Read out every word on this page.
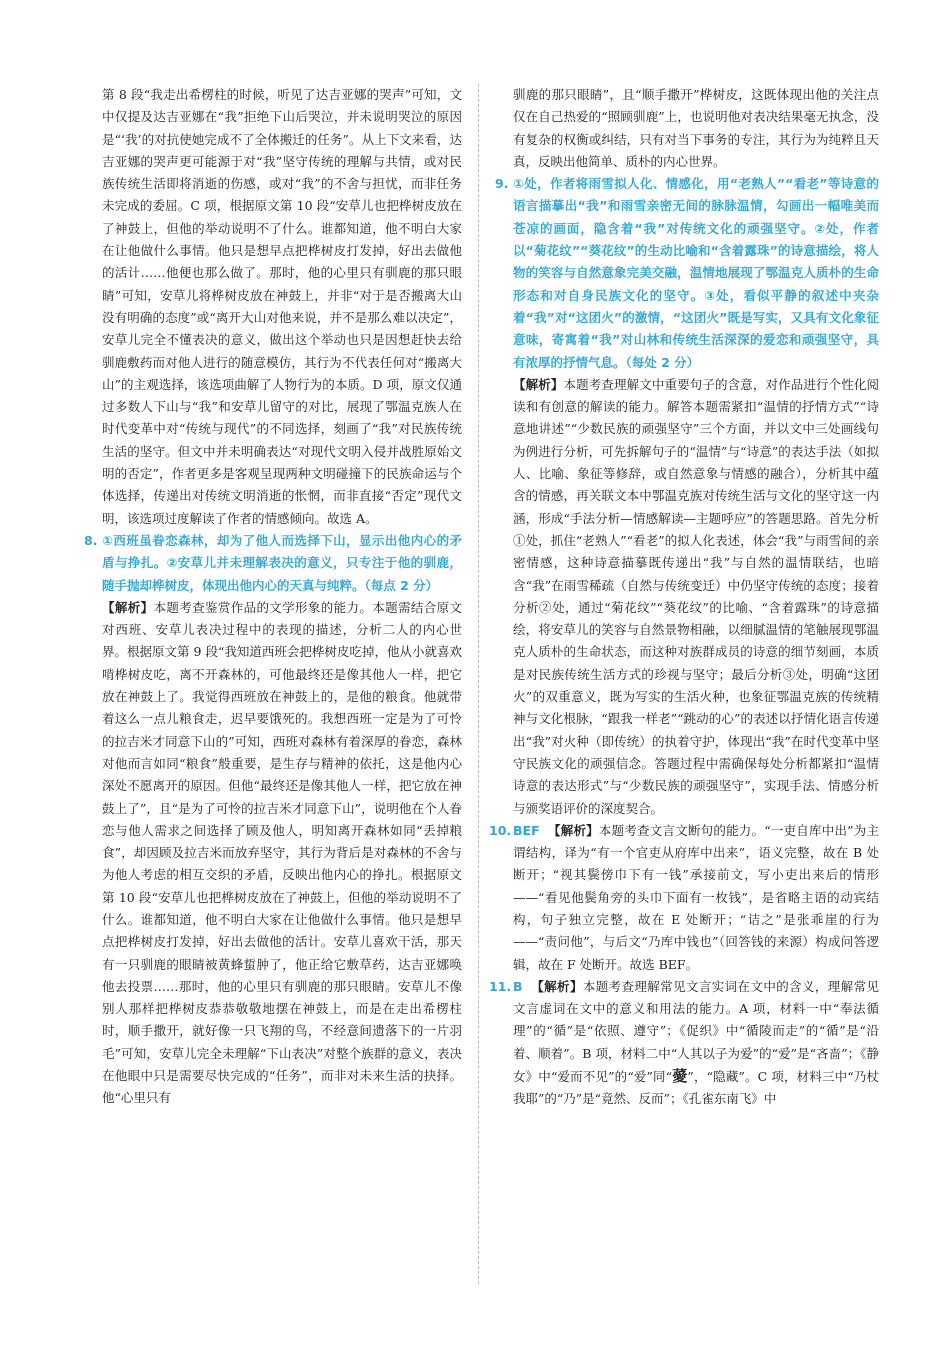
第 8 段“我走出希楞柱的时候，听见了达吉亚娜的哭声”可知，文中仅提及达吉亚娜在“我”拒绝下山后哭泣，并未说明哭泣的原因是“‘我’的对抗使她完成不了全体搬迁的任务”。从上下文来看，达吉亚娜的哭声更可能源于对“我”坚守传统的理解与共情，或对民族传统生活即将消逝的伤感，或对“我”的不舍与担忧，而非任务未完成的委屈。C 项，根据原文第 10 段“安草儿也把桦树皮放在了神鼓上，但他的举动说明不了什么。谁都知道，他不明白大家在让他做什么事情。他只是想早点把桦树皮打发掉，好出去做他的活计……他便也那么做了。那时，他的心里只有驯鹿的那只眼睛”可知，安草儿将桦树皮放在神鼓上，并非“对于是否搬离大山没有明确的态度”或“离开大山对他来说，并不是那么难以决定”，安草儿完全不懂表决的意义，做出这个举动也只是因想赶快去给驯鹿敷药而对他人进行的随意模仿，其行为不代表任何对“搬离大山”的主观选择，该选项曲解了人物行为的本质。D 项，原文仅通过多数人下山与“我”和安草儿留守的对比，展现了鄂温克族人在时代变革中对“传统与现代”的不同选择，刻画了“我”对民族传统生活的坚守。但文中并未明确表达“对现代文明入侵并战胜原始文明的否定”，作者更多是客观呈现两种文明碰撞下的民族命运与个体选择，传递出对传统文明消逝的怅惘，而非直接“否定”现代文明，该选项过度解读了作者的情感倾向。故选 A。

8. ①西班虽眷恋森林，却为了他人而选择下山，显示出他内心的矛盾与挣扎。②安草儿并未理解表决的意义，只专注于他的驯鹿，随手抛却桦树皮，体现出他内心的天真与纯粹。（每点 2 分）

【解析】本题考查鉴赏作品的文学形象的能力。本题需结合原文对西班、安草儿表决过程中的表现的描述，分析二人的内心世界。根据原文第 9 段“我知道西班会把桦树皮吃掉，他从小就喜欢啃桦树皮吃，离不开森林的，可他最终还是像其他人一样，把它放在神鼓上了。我觉得西班放在神鼓上的，是他的粮食。他就带着这么一点儿粮食走，迟早要饿死的。我想西班一定是为了可怜的拉吉米才同意下山的”可知，西班对森林有着深厚的眷恋，森林对他而言如同“粮食”般重要，是生存与精神的依托，这是他内心深处不愿离开的原因。但他“最终还是像其他人一样，把它放在神鼓上了”，且“是为了可怜的拉吉米才同意下山”，说明他在个人眷恋与他人需求之间选择了顾及他人，明知离开森林如同“丢掉粮食”，却因顾及拉吉米而放弃坚守，其行为背后是对森林的不舍与为他人考虑的相互交织的矛盾，反映出他内心的挣扎。根据原文第 10 段“安草儿也把桦树皮放在了神鼓上，但他的举动说明不了什么。谁都知道，他不明白大家在让他做什么事情。他只是想早点把桦树皮打发掉，好出去做他的活计。安草儿喜欢干活，那天有一只驯鹿的眼睛被黄蜂蜇肿了，他正给它敷草药，达吉亚娜唤他去投票……那时，他的心里只有驯鹿的那只眼睛。安草儿不像别人那样把桦树皮恭恭敬敬地摆在神鼓上，而是在走出希楞柱时，顺手撒开，就好像一只飞翔的鸟，不经意间遗落下的一片羽毛”可知，安草儿完全未理解“下山表决”对整个族群的意义，表决在他眼中只是需要尽快完成的“任务”，而非对未来生活的抉择。他“心里只有

驯鹿的那只眼睛”，且“顺手撒开”桦树皮，这既体现出他的关注点仅在自己热爱的“照顾驯鹿”上，也说明他对表决结果毫无执念，没有复杂的权衡或纠结，只有对当下事务的专注，其行为为纯粹且天真，反映出他简单、质朴的内心世界。

9. ①处，作者将雨雪拟人化、情感化，用“老熟人”“看老”等诗意的语言描摹出“我”和雨雪亲密无间的脉脉温情，勾画出一幅唯美而苍凉的画面，隐含着“我”对传统文化的顽强坚守。②处，作者以“菊花纹”“葵花纹”的生动比喻和“含着露珠”的诗意描绘，将人物的笑容与自然意象完美交融，温情地展现了鄂温克人质朴的生命形态和对自身民族文化的坚守。③处，看似平静的叙述中夹杂着“我”对“这团火”的激情，“这团火”既是写实，又具有文化象征意味，寄寓着“我”对山林和传统生活深深的爱恋和顽强坚守，具有浓厚的抒情气息。（每处 2 分）

【解析】本题考查理解文中重要句子的含意，对作品进行个性化阅读和有创意的解读的能力。解答本题需紧扣“温情的抒情方式”“诗意地讲述”“少数民族的顽强坚守”三个方面，并以文中三处画线句为例进行分析，可先拆解句子的“温情”与“诗意”的表达手法（如拟人、比喻、象征等修辞，或自然意象与情感的融合），分析其中蕴含的情感，再关联文本中鄂温克族对传统生活与文化的坚守这一内涵，形成“手法分析—情感解读—主题呼应”的答题思路。首先分析①处，抓住“老熟人”“看老”的拟人化表述，体会“我”与雨雪间的亲密情感，这种诗意描摹既传递出“我”与自然的温情联结，也暗含“我”在雨雪稀疏（自然与传统变迁）中仍坚守传统的态度；接着分析②处，通过“菊花纹”“葵花纹”的比喻、“含着露珠”的诗意描绘，将安草儿的笑容与自然景物相融，以细腻温情的笔触展现鄂温克人质朴的生命状态，而这种对族群成员的诗意的细节刻画，本质是对民族传统生活方式的珍视与坚守；最后分析③处，明确“这团火”的双重意义，既为写实的生活火种，也象征鄂温克族的传统精神与文化根脉，“跟我一样老”“跳动的心”的表述以抒情化语言传递出“我”对火种（即传统）的执着守护，体现出“我”在时代变革中坚守民族文化的顽强信念。答题过程中需确保每处分析都紧扣“温情诗意的表达形式”与“少数民族的顽强坚守”，实现手法、情感分析与颁奖语评价的深度契合。

10. BEF 【解析】本题考查文言文断句的能力。“一吏自库中出”为主谓结构，译为“有一个官吏从府库中出来”，语义完整，故在 B 处断开；“视其鬓傍巾下有一钱”承接前文，写小吏出来后的情形——“看见他鬓角旁的头巾下面有一枚钱”，是省略主语的动宾结构，句子独立完整，故在 E 处断开；“诘之”是张乖崖的行为——“责问他”，与后文“乃库中钱也”（回答钱的来源）构成问答逻辑，故在 F 处断开。故选 BEF。

11. B 【解析】本题考查理解常见文言实词在文中的含义，理解常见文言虚词在文中的意义和用法的能力。A 项，材料一中“奉法循理”的“循”是“依照、遵守”；《促织》中“循陵而走”的“循”是“沿着、顺着”。B 项，材料二中“人其以子为爱”的“爱”是“吝啬”；《静女》中“爱而不见”的“爱”同“薆”，“隐藏”。C 项，材料三中“乃杖我耶”的“乃”是“竟然、反而”；《孔雀东南飞》中
